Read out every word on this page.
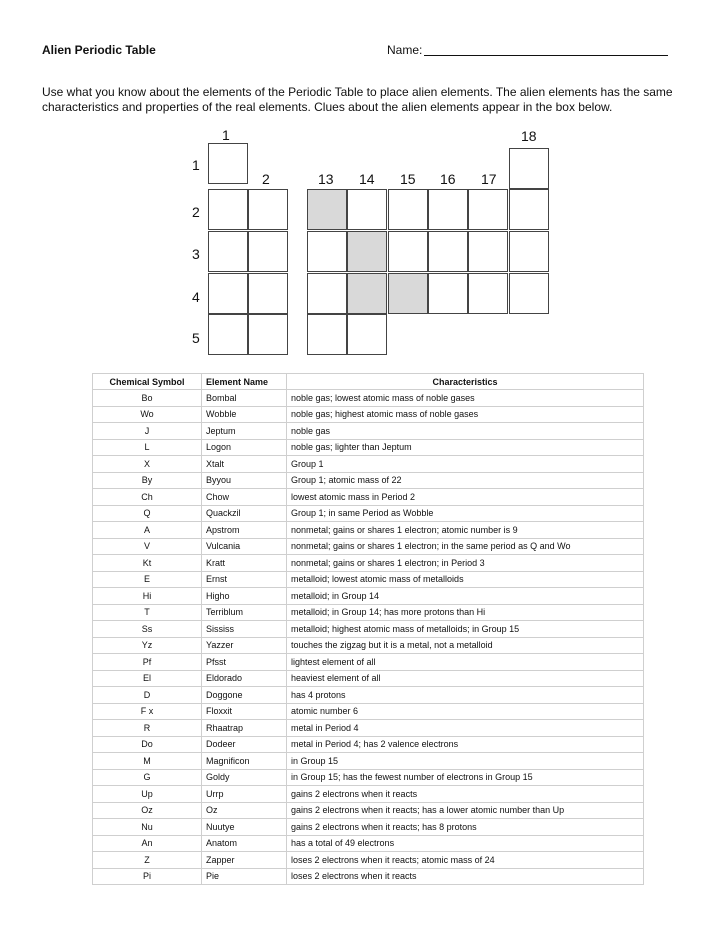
Alien Periodic Table	Name:
Use what you know about the elements of the Periodic Table to place alien elements. The alien elements has the same characteristics and properties of the real elements. Clues about the alien elements appear in the box below.
1
2	13 14 15 16 17
18
1
2
3
4
5
Chemical Symbol	Element Name	Characteristics
Bo	Bombal	noble gas; lowest atomic mass of noble gases
Wo	Wobble	noble gas; highest atomic mass of noble gases
J	Jeptum	noble gas
L	Logon	noble gas; lighter than Jeptum
X	Xtalt	Group 1
By	Byyou	Group 1; atomic mass of 22
Ch	Chow	lowest atomic mass in Period 2
Q	Quackzil	Group 1; in same Period as Wobble
A	Apstrom	nonmetal; gains or shares 1 electron; atomic number is 9
V	Vulcania	nonmetal; gains or shares 1 electron; in the same period as Q and Wo
Kt	Kratt	nonmetal; gains or shares 1 electron; in Period 3
E	Ernst	metalloid; lowest atomic mass of metalloids
Hi	Higho	metalloid; in Group 14
T	Terriblum	metalloid; in Group 14; has more protons than Hi
Ss	Sississ	metalloid; highest atomic mass of metalloids; in Group 15
Yz	Yazzer	touches the zigzag but it is a metal, not a metalloid
Pf	Pfsst	lightest element of all
El	Eldorado	heaviest element of all
D	Doggone	has 4 protons
F x	Floxxit	atomic number 6
R	Rhaatrap	metal in Period 4
Do	Dodeer	metal in Period 4; has 2 valence electrons
M	Magnificon	in Group 15
G	Goldy	in Group 15; has the fewest number of electrons in Group 15
Up	Urrp	gains 2 electrons when it reacts
Oz	Oz	gains 2 electrons when it reacts; has a lower atomic number than Up
Nu	Nuutye	gains 2 electrons when it reacts; has 8 protons
An	Anatom	has a total of 49 electrons
Z	Zapper	loses 2 electrons when it reacts; atomic mass of 24
Pi	Pie	loses 2 electrons when it reacts
